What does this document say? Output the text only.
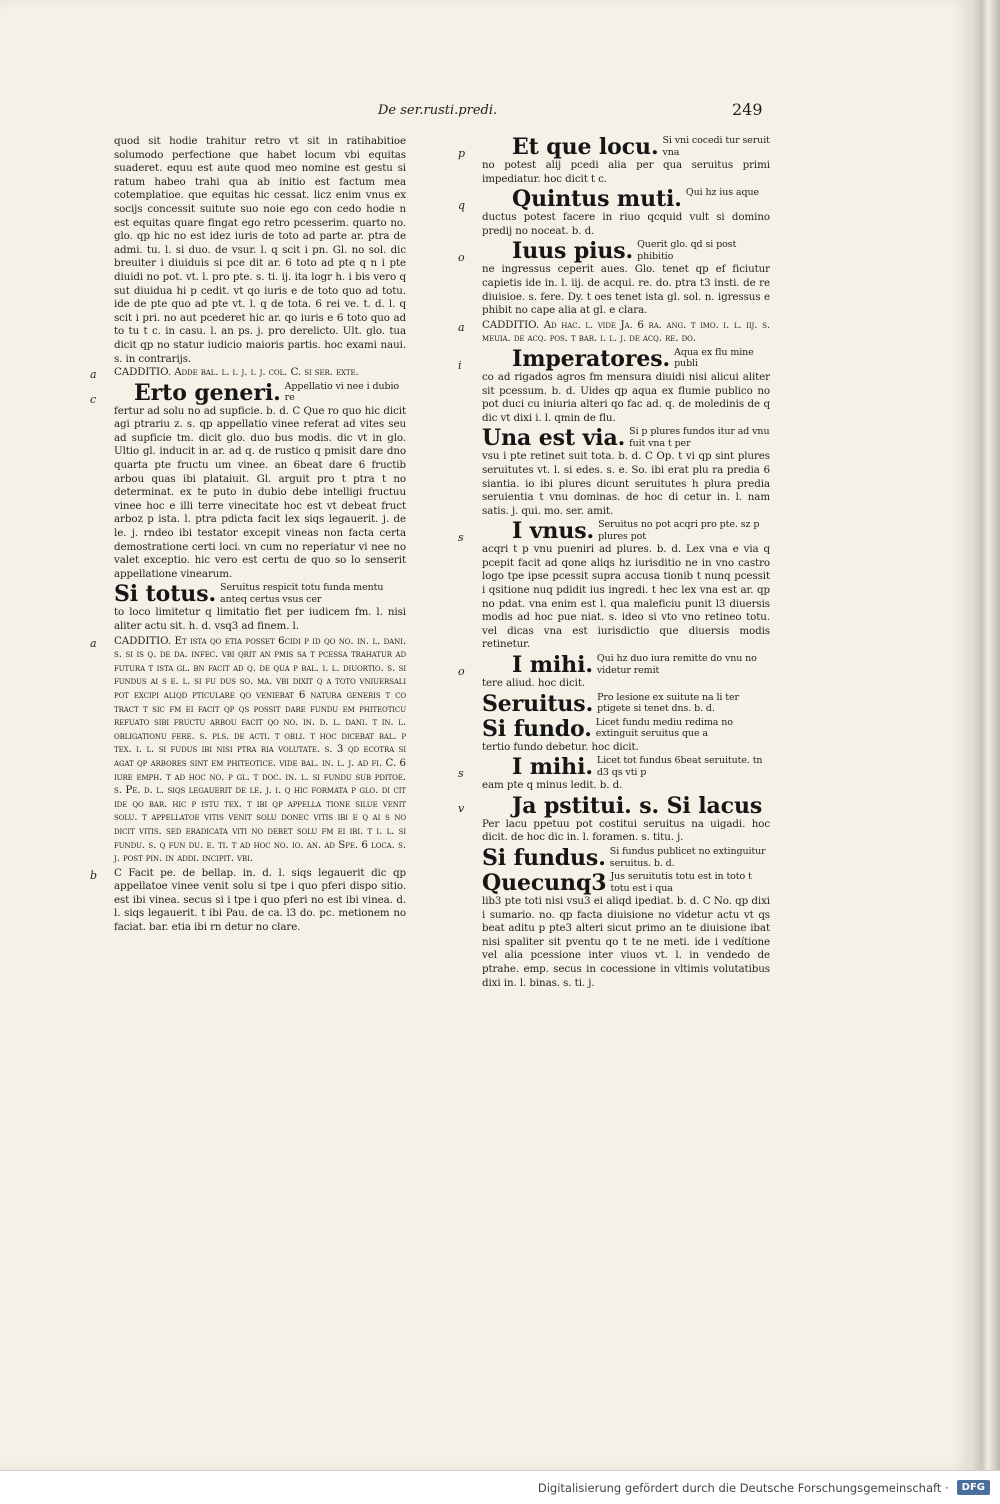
De ser.rusti.predi.	249

quod sit hodie trahitur retro vt sit in ratihabitioe solumodo perfectione que habet locum vbi equitas suaderet. equu est aute quod meo nomine est gestu si ratum habeo trahi qua ab initio est factum mea cotemplatioe. que equitas hic cessat. licz enim vnus ex socijs concessit suitute suo noie ego con cedo hodie n est equitas quare fingat ego retro pcesserim. quarto no. glo. qp hic no est idez iuris de toto ad parte ar. ptra de admi. tu. l. si duo. de vsur. l. q scit i pn. Gl. no sol. dic breuiter i diuiduis si pce dit ar. 6 toto ad pte q n i pte diuidi no pot. vt. l. pro pte. s. ti. ij. ita logr h. i bis vero q sut diuidua hi p cedit. vt qo iuris e de toto quo ad totu. ide de pte quo ad pte vt. l. q de tota. 6 rei ve. t. d. l. q scit i pri. no aut pcederet hic ar. qo iuris e 6 toto quo ad to tu t c. in casu. l. an ps. j. pro derelicto. Ult. glo. tua dicit qp no statur iudicio maioris partis. hoc exami naui. s. in contrarijs.

a CADDITIO. Adde bal. l. i. j. i. j. col. C. si ser. exte.

c	Erto generi. Appellatio vi nee i dubio re

fertur ad solu no ad supficie. b. d. C Que ro quo hic dicit agi ptrariu z. s. qp appellatio vinee referat ad vites seu ad supficie tm. dicit glo. duo bus modis. dic vt in glo. Ultio gl. inducit in ar. ad q. de rustico q pmisit dare dno quarta pte fructu um vinee. an 6beat dare 6 fructib arbou quas ibi plataiuit. Gl. arguit pro t ptra t no determinat. ex te puto in dubio debe intelligi fructuu vinee hoc e illi terre vinecitate hoc est vt debeat fruct arboz p ista. l. ptra pdicta facit lex siqs legauerit. j. de le. j. rndeo ibi testator excepit vineas non facta certa demostratione certi loci. vn cum no reperiatur vi nee no valet exceptio. hic vero est certu de quo so lo senserit appellatione vinearum.

Si totus. Seruitus respicit totu funda mentu anteq certus vsus cer

to loco limitetur q limitatio fiet per iudicem fm. l. nisi aliter actu sit. h. d. vsq3 ad finem. l.

a CADDITIO. Et ista qo etia posset 6cidi p id qo no. in. l. dani. s. si is q. de da. infec. vbi qrit an pmis sa t pcessa trahatur ad futura t ista gl. bn facit ad q. de qua p bal. i. l. diuortio. s. si fundus ai s e. l. si fu dus so. ma. vbi dixit q a toto vniuersali pot excipi aliqd pticulare qo veniebat 6 natura generis t co tract t sic fm ei facit qp qs possit dare fundu em phiteoticu refuato sibi fructu arbou facit qo no. in. d. l. dani. t in. l. obligationu fere. s. pls. de acti. t obli. t hoc dicebat bal. p tex. i. l. si fudus ibi nisi ptra ria volutate. s. 3 qd ecotra si agat qp arbores sint em phiteotice. vide bal. in. l. j. ad fi. C. 6 iure emph. t ad hoc no. p gl. t doc. in. l. si fundu sub pditoe. s. Pe. d. l. siqs legauerit de le. j. i. q hic formata p glo. di cit ide qo bar. hic p istu tex. t ibi qp appella tione silue venit solu. t appellatoe vitis venit solu donec vitis ibi e q ai s no dicit vitis. sed eradicata viti no debet solu fm ei ibi. t i. l. si fundu. s. q fun du. e. ti. t ad hoc no. io. an. ad Spe. 6 loca. s. j. post pin. in addi. incipit. vbi.

b C Facit pe. de bellap. in. d. l. siqs legauerit dic qp appellatoe vinee venit solu si tpe i quo pferi dispo sitio. est ibi vinea. secus si i tpe i quo pferi no est ibi vinea. d. l. siqs legauerit. t ibi Pau. de ca. l3 do. pc. metionem no faciat. bar. etia ibi rn detur no clare.

p	Et que locu. Si vni cocedi tur seruit vna

no potest alij pcedi alia per qua seruitus primi impediatur. hoc dicit t c.

q	Quintus muti. Qui hz ius aque

ductus potest facere in riuo qcquid vult si domino predij no noceat. b. d.

o	Iuus pius. Querit glo. qd si post phibitio

ne ingressus ceperit aues. Glo. tenet qp ef ficiutur capietis ide in. l. iij. de acqui. re. do. ptra t3 insti. de re diuisioe. s. fere. Dy. t oes tenet ista gl. sol. n. igressus e phibit no cape alia at gl. e clara.

a CADDITIO. Ad hac. l. vide Ja. 6 ra. ang. t imo. i. l. iij. s. meuia. de acq. pos. t bar. i. l. j. de acq. re. do.

i	Imperatores. Aqua ex flu mine publi

co ad rigados agros fm mensura diuidi nisi alicui aliter sit pcessum. b. d. Uides qp aqua ex flumie publico no pot duci cu iniuria alteri qo fac ad. q. de moledinis de q dic vt dixi i. l. qmin de flu.

Una est via. Si p plures fundos itur ad vnu fuit vna t per

vsu i pte retinet suit tota. b. d. C Op. t vi qp sint plures seruitutes vt. l. si edes. s. e. So. ibi erat plu ra predia 6 siantia. io ibi plures dicunt seruitutes h plura predia seruientia t vnu dominas. de hoc di cetur in. l. nam satis. j. qui. mo. ser. amit.

s	I vnus. Seruitus no pot acqri pro pte. sz p plures pot

acqri t p vnu pueniri ad plures. b. d. Lex vna e via q pcepit facit ad qone aliqs hz iurisditio ne in vno castro logo tpe ipse pcessit supra accusa tionib t nunq pcessit i qsitione nuq pdidit ius ingredi. t hec lex vna est ar. qp no pdat. vna enim est l. qua maleficiu punit l3 diuersis modis ad hoc pue niat. s. ideo si vto vno retineo totu. vel dicas vna est iurisdictio que diuersis modis retinetur.

o	I mihi. Qui hz duo iura remitte do vnu no videtur remit

tere aliud. hoc dicit.

Seruitus. Pro lesione ex suitute na li ter ptigete si tenet dns. b. d.
Si fundo. Licet fundu mediu redima no extinguit seruitus que a

tertio fundo debetur. hoc dicit.

s	I mihi. Licet tot fundus 6beat seruitute. tn d3 qs vti p

eam pte q minus ledit. b. d.

v	Ja pstitui. s. Si lacus

Per lacu ppetuu pot costitui seruitus na uigadi. hoc dicit. de hoc dic in. l. foramen. s. titu. j.

Si fundus. Si fundus publicet no extinguitur seruitus. b. d.
Quecunq3 Jus seruitutis totu est in toto t totu est i qua

lib3 pte toti nisi vsu3 ei aliqd ipediat. b. d. C No. qp dixi i sumario. no. qp facta diuisione no videtur actu vt qs beat aditu p pte3 alteri sicut primo an te diuisione ibat nisi spaliter sit pventu qo t te ne meti. ide i vedítione vel alia pcessione inter viuos vt. l. in vendedo de ptrahe. emp. secus in cocessione in vltimis volutatibus dixi in. l. binas. s. ti. j.

Digitalisierung gefördert durch die Deutsche Forschungsgemeinschaft ·	DFG
